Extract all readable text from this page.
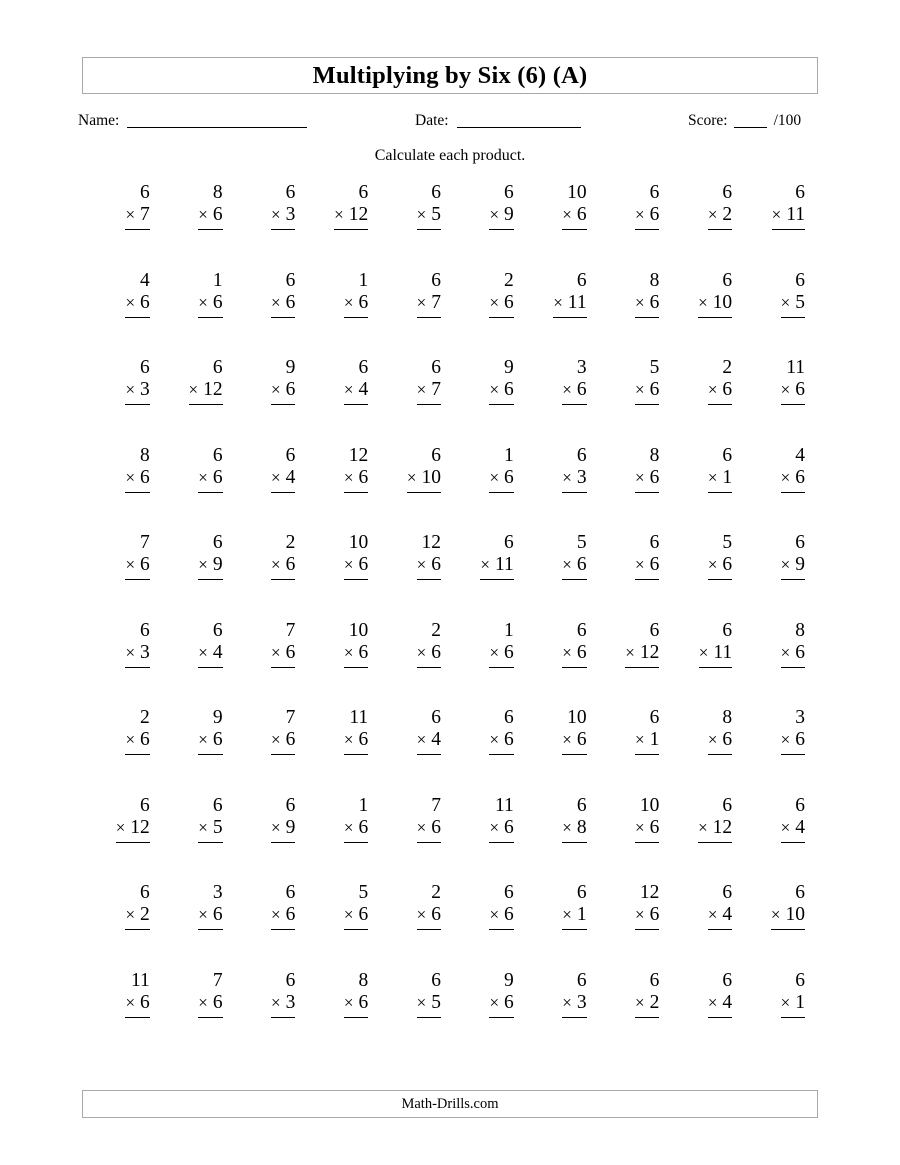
Multiplying by Six (6) (A)
Name:	Date:	Score:	/100
Calculate each product.
6
× 7
8
× 6
6
× 3
6
× 12
6
× 5
6
× 9
10
× 6
6
× 6
6
× 2
6
× 11
4
× 6
1
× 6
6
× 6
1
× 6
6
× 7
2
× 6
6
× 11
8
× 6
6
× 10
6
× 5
6
× 3
6
× 12
9
× 6
6
× 4
6
× 7
9
× 6
3
× 6
5
× 6
2
× 6
11
× 6
8
× 6
6
× 6
6
× 4
12
× 6
6
× 10
1
× 6
6
× 3
8
× 6
6
× 1
4
× 6
7
× 6
6
× 9
2
× 6
10
× 6
12
× 6
6
× 11
5
× 6
6
× 6
5
× 6
6
× 9
6
× 3
6
× 4
7
× 6
10
× 6
2
× 6
1
× 6
6
× 6
6
× 12
6
× 11
8
× 6
2
× 6
9
× 6
7
× 6
11
× 6
6
× 4
6
× 6
10
× 6
6
× 1
8
× 6
3
× 6
6
× 12
6
× 5
6
× 9
1
× 6
7
× 6
11
× 6
6
× 8
10
× 6
6
× 12
6
× 4
6
× 2
3
× 6
6
× 6
5
× 6
2
× 6
6
× 6
6
× 1
12
× 6
6
× 4
6
× 10
11
× 6
7
× 6
6
× 3
8
× 6
6
× 5
9
× 6
6
× 3
6
× 2
6
× 4
6
× 1
Math-Drills.com
